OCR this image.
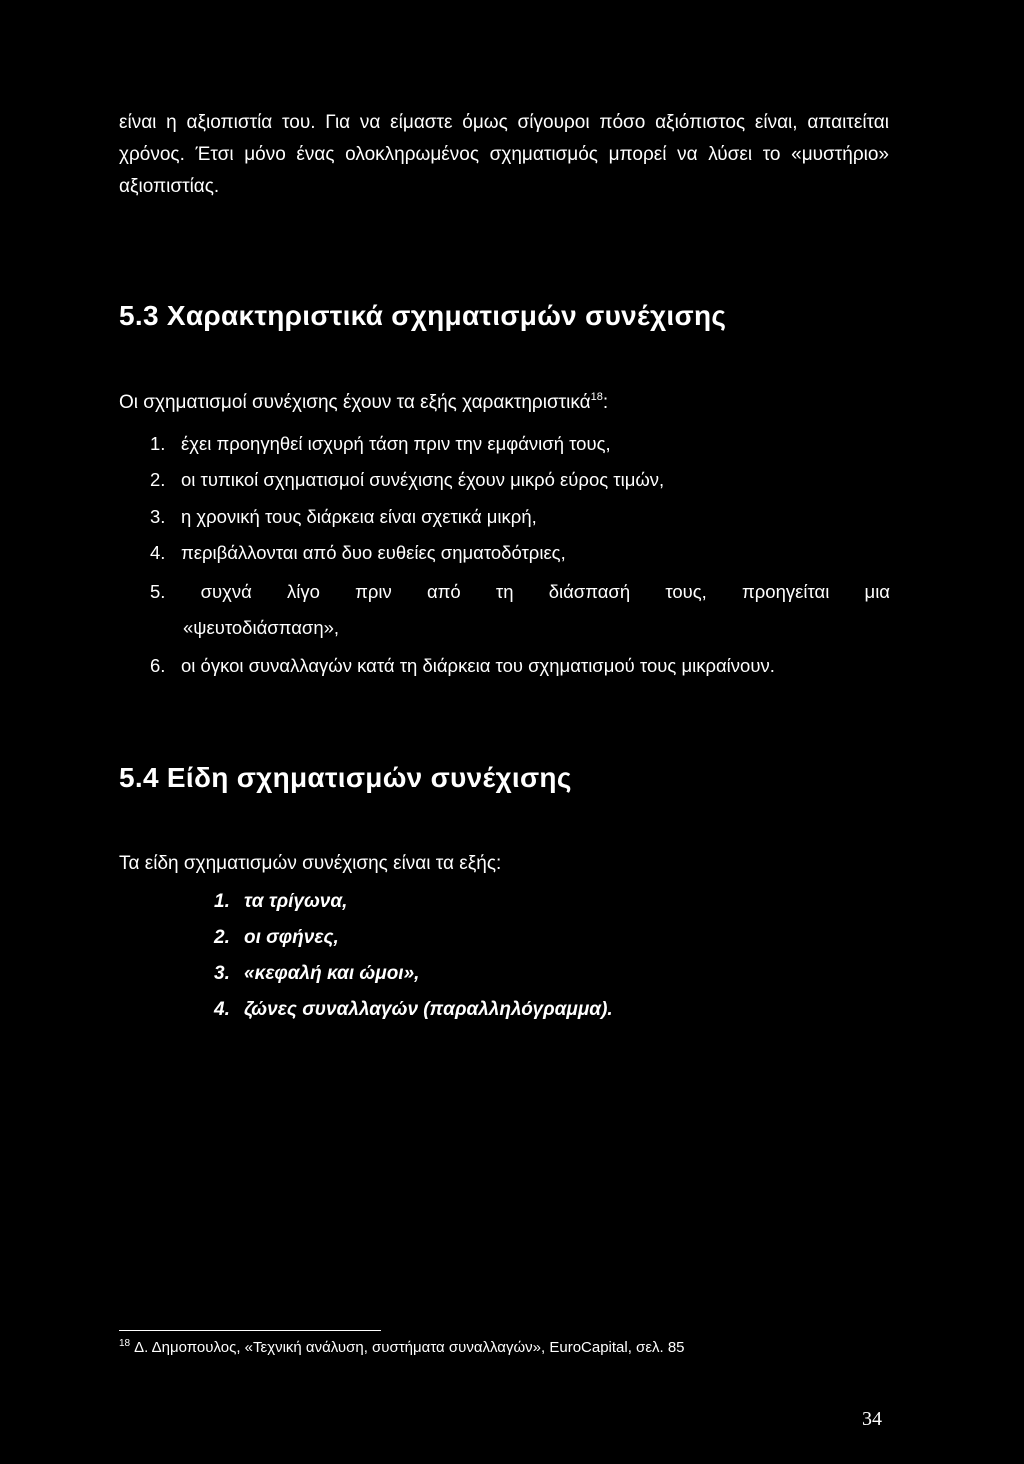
είναι η αξιοπιστία του. Για να είμαστε όμως σίγουροι πόσο αξιόπιστος είναι, απαιτείται χρόνος. Έτσι μόνο ένας ολοκληρωμένος σχηματισμός μπορεί να λύσει το «μυστήριο» αξιοπιστίας.

5.3 Χαρακτηριστικά σχηματισμών συνέχισης

Οι σχηματισμοί συνέχισης έχουν τα εξής χαρακτηριστικά$^{18}$:

1. έχει προηγηθεί ισχυρή τάση πριν την εμφάνισή τους,
2. οι τυπικοί σχηματισμοί συνέχισης έχουν μικρό εύρος τιμών,
3. η χρονική τους διάρκεια είναι σχετικά μικρή,
4. περιβάλλονται από δυο ευθείες σηματοδότριες,
5. συχνά λίγο πριν από τη διάσπασή τους, προηγείται μια
6. οι όγκοι συναλλαγών κατά τη διάρκεια του σχηματισμού τους μικραίνουν.

«ψευτοδιάσπαση»,

5.4 Είδη σχηματισμών συνέχισης

Τα είδη σχηματισμών συνέχισης είναι τα εξής:

1. τα τρίγωνα,
2. οι σφήνες,
3. «κεφαλή και ώμοι»,
4. ζώνες συναλλαγών (παραλληλόγραμμα).

$^{18}$ Δ. Δημοπουλος, «Τεχνική ανάλυση, συστήματα συναλλαγών», EuroCapital, σελ. 85

34
